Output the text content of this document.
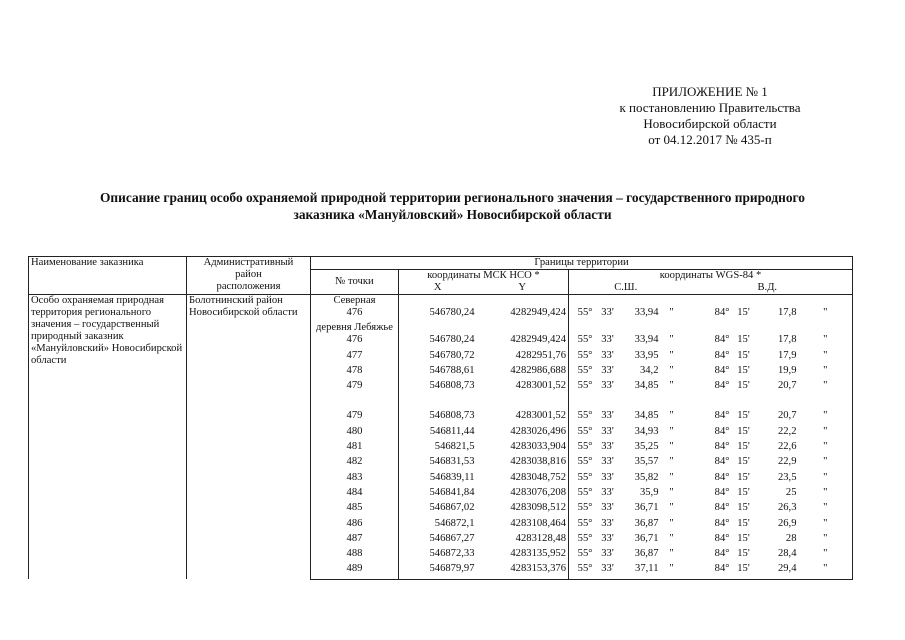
ПРИЛОЖЕНИЕ № 1
к постановлению Правительства
Новосибирской области
от 04.12.2017 № 435-п
Описание границ особо охраняемой природной территории регионального значения – государственного природного
заказника «Мануйловский» Новосибирской области
Наименование заказника	Административный
район
расположения	Границы территории										
		№ точки	координаты МСК НСО *		координаты WGS-84 *							
			X	Y	С.Ш.				В.Д.			
Особо охраняемая природная территория регионального значения – государственный природный заказник «Мануйловский» Новосибирской области	Болотнинский район Новосибирской области	Северная										
		476	546780,24	4282949,424	55°	33'	33,94	"	84°	15'	17,8	"
		деревня Лебяжье										
		476	546780,24	4282949,424	55°	33'	33,94	"	84°	15'	17,8	"
		477	546780,72	4282951,76	55°	33'	33,95	"	84°	15'	17,9	"
		478	546788,61	4282986,688	55°	33'	34,2	"	84°	15'	19,9	"
		479	546808,73	4283001,52	55°	33'	34,85	"	84°	15'	20,7	"

		479	546808,73	4283001,52	55°	33'	34,85	"	84°	15'	20,7	"
		480	546811,44	4283026,496	55°	33'	34,93	"	84°	15'	22,2	"
		481	546821,5	4283033,904	55°	33'	35,25	"	84°	15'	22,6	"
		482	546831,53	4283038,816	55°	33'	35,57	"	84°	15'	22,9	"
		483	546839,11	4283048,752	55°	33'	35,82	"	84°	15'	23,5	"
		484	546841,84	4283076,208	55°	33'	35,9	"	84°	15'	25	"
		485	546867,02	4283098,512	55°	33'	36,71	"	84°	15'	26,3	"
		486	546872,1	4283108,464	55°	33'	36,87	"	84°	15'	26,9	"
		487	546867,27	4283128,48	55°	33'	36,71	"	84°	15'	28	"
		488	546872,33	4283135,952	55°	33'	36,87	"	84°	15'	28,4	"
		489	546879,97	4283153,376	55°	33'	37,11	"	84°	15'	29,4	"
